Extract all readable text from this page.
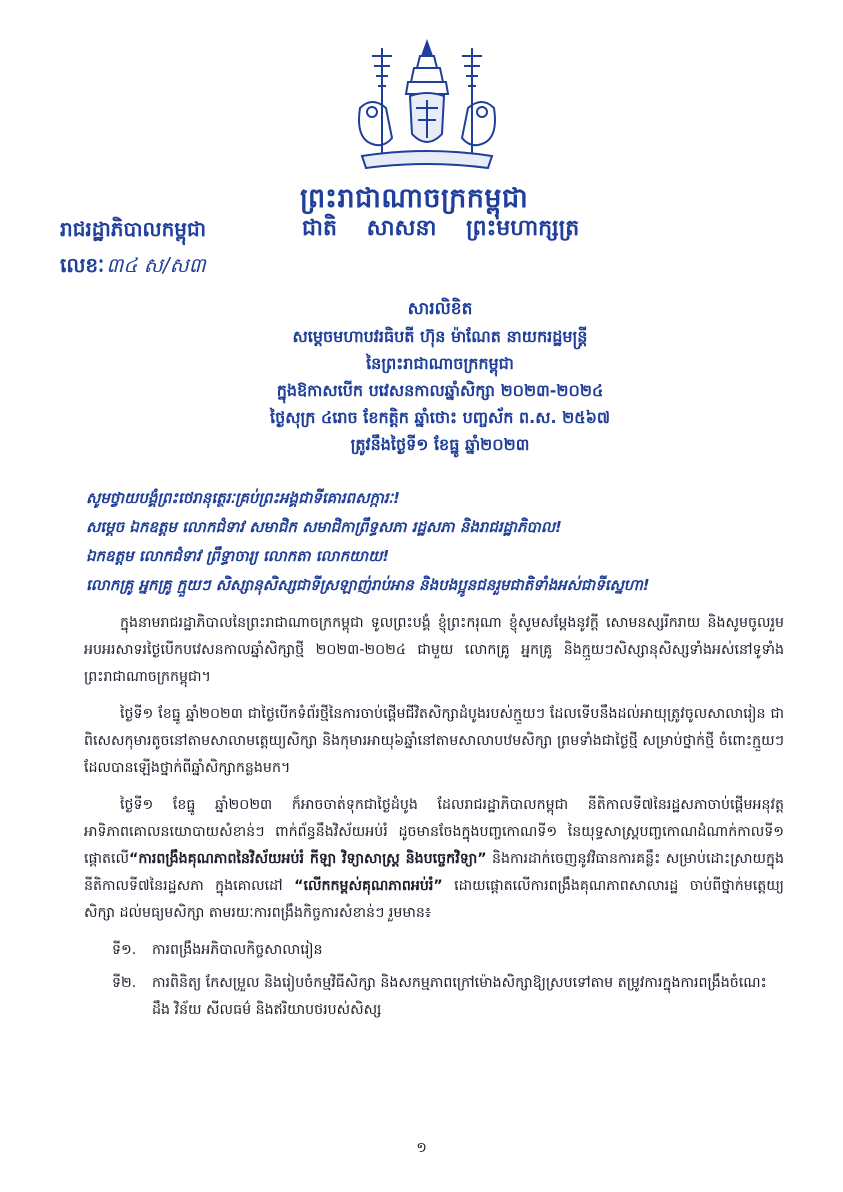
ព្រះរាជាណាចក្រកម្ពុជា
ជាតិ សាសនា ព្រះមហាក្សត្រ
រាជរដ្ឋាភិបាលកម្ពុជា
លេខៈ ៣៤ ស/ស៣
សារលិខិត
សម្ដេចមហាបវរធិបតី ហ៊ុន ម៉ាណែត នាយករដ្ឋមន្ត្រី
នៃព្រះរាជាណាចក្រកម្ពុជា
ក្នុងឱកាសបើក បវេសនកាលឆ្នាំសិក្សា ២០២៣-២០២៤
ថ្ងៃសុក្រ ៤រោច ខែកត្តិក ឆ្នាំថោះ បញ្ចស័ក ព.ស. ២៥៦៧
ត្រូវនឹងថ្ងៃទី១ ខែធ្នូ ឆ្នាំ២០២៣
សូមថ្វាយបង្គំព្រះថេរានុត្ថេរៈគ្រប់ព្រះអង្គជាទីគោរពសក្ការៈ!
សម្ដេច ឯកឧត្តម លោកជំទាវ សមាជិក សមាជិកាព្រឹទ្ធសភា រដ្ឋសភា និងរាជរដ្ឋាភិបាល!
ឯកឧត្តម លោកជំទាវ ព្រឹទ្ធាចារ្យ លោកតា លោកយាយ!
លោកគ្រូ អ្នកគ្រូ ក្មួយៗ សិស្សានុសិស្សជាទីស្រឡាញ់រាប់អាន និងបងប្អូនជនរួមជាតិទាំងអស់ជាទីស្នេហា!

ក្នុងនាមរាជរដ្ឋាភិបាលនៃព្រះរាជាណាចក្រកម្ពុជា ទូលព្រះបង្គំ ខ្ញុំព្រះករុណា ខ្ញុំសូមសម្ដែងនូវក្ដី សោមនស្សរីករាយ និងសូមចូលរួមអបអរសាទរថ្ងៃបើកបវេសនកាលឆ្នាំសិក្សាថ្មី ២០២៣-២០២៤ ជាមួយ លោកគ្រូ អ្នកគ្រូ និងក្មួយៗសិស្សានុសិស្សទាំងអស់នៅទូទាំងព្រះរាជាណាចក្រកម្ពុជា។

ថ្ងៃទី១ ខែធ្នូ ឆ្នាំ២០២៣ ជាថ្ងៃបើកទំព័រថ្មីនៃការចាប់ផ្ដើមជីវិតសិក្សាដំបូងរបស់ក្មួយៗ ដែលទើបនឹងដល់អាយុត្រូវចូលសាលារៀន ជាពិសេសកុមារតូចនៅតាមសាលាមត្តេយ្យសិក្សា និងកុមារអាយុ៦ឆ្នាំនៅតាមសាលាបឋមសិក្សា ព្រមទាំងជាថ្ងៃថ្មី សម្រាប់ថ្នាក់ថ្មី ចំពោះក្មួយៗដែលបានឡើងថ្នាក់ពីឆ្នាំសិក្សាកន្លងមក។

ថ្ងៃទី១ ខែធ្នូ ឆ្នាំ២០២៣ ក៏អាចចាត់ទុកជាថ្ងៃដំបូង ដែលរាជរដ្ឋាភិបាលកម្ពុជា នីតិកាលទី៧នៃរដ្ឋសភាចាប់ផ្ដើមអនុវត្តអាទិភាពគោលនយោបាយសំខាន់ៗ ពាក់ព័ន្ធនឹងវិស័យអប់រំ ដូចមានចែងក្នុងបញ្ចកោណទី១ នៃយុទ្ធសាស្ត្របញ្ចកោណដំណាក់កាលទី១ ផ្ដោតលើ“ការពង្រឹងគុណភាពនៃវិស័យអប់រំ កីឡា វិទ្យាសាស្ត្រ និងបច្ចេកវិទ្យា” និងការដាក់ចេញនូវវិធានការគន្លឹះ សម្រាប់ដោះស្រាយក្នុងនីតិកាលទី៧នៃរដ្ឋសភា ក្នុងគោលដៅ “លើកកម្ពស់គុណភាពអប់រំ” ដោយផ្ដោតលើការពង្រឹងគុណភាពសាលារដ្ឋ ចាប់ពីថ្នាក់មត្តេយ្យសិក្សា ដល់មធ្យមសិក្សា តាមរយៈការពង្រឹងកិច្ចការសំខាន់ៗ រួមមាន៖

ទី១. ការពង្រឹងអភិបាលកិច្ចសាលារៀន
ទី២. ការពិនិត្យ កែសម្រួល និងរៀបចំកម្មវិធីសិក្សា និងសកម្មភាពក្រៅម៉ោងសិក្សាឱ្យស្របទៅតាម តម្រូវការក្នុងការពង្រឹងចំណេះដឹង វិន័យ សីលធម៌ និងឥរិយាបថរបស់សិស្ស
១
